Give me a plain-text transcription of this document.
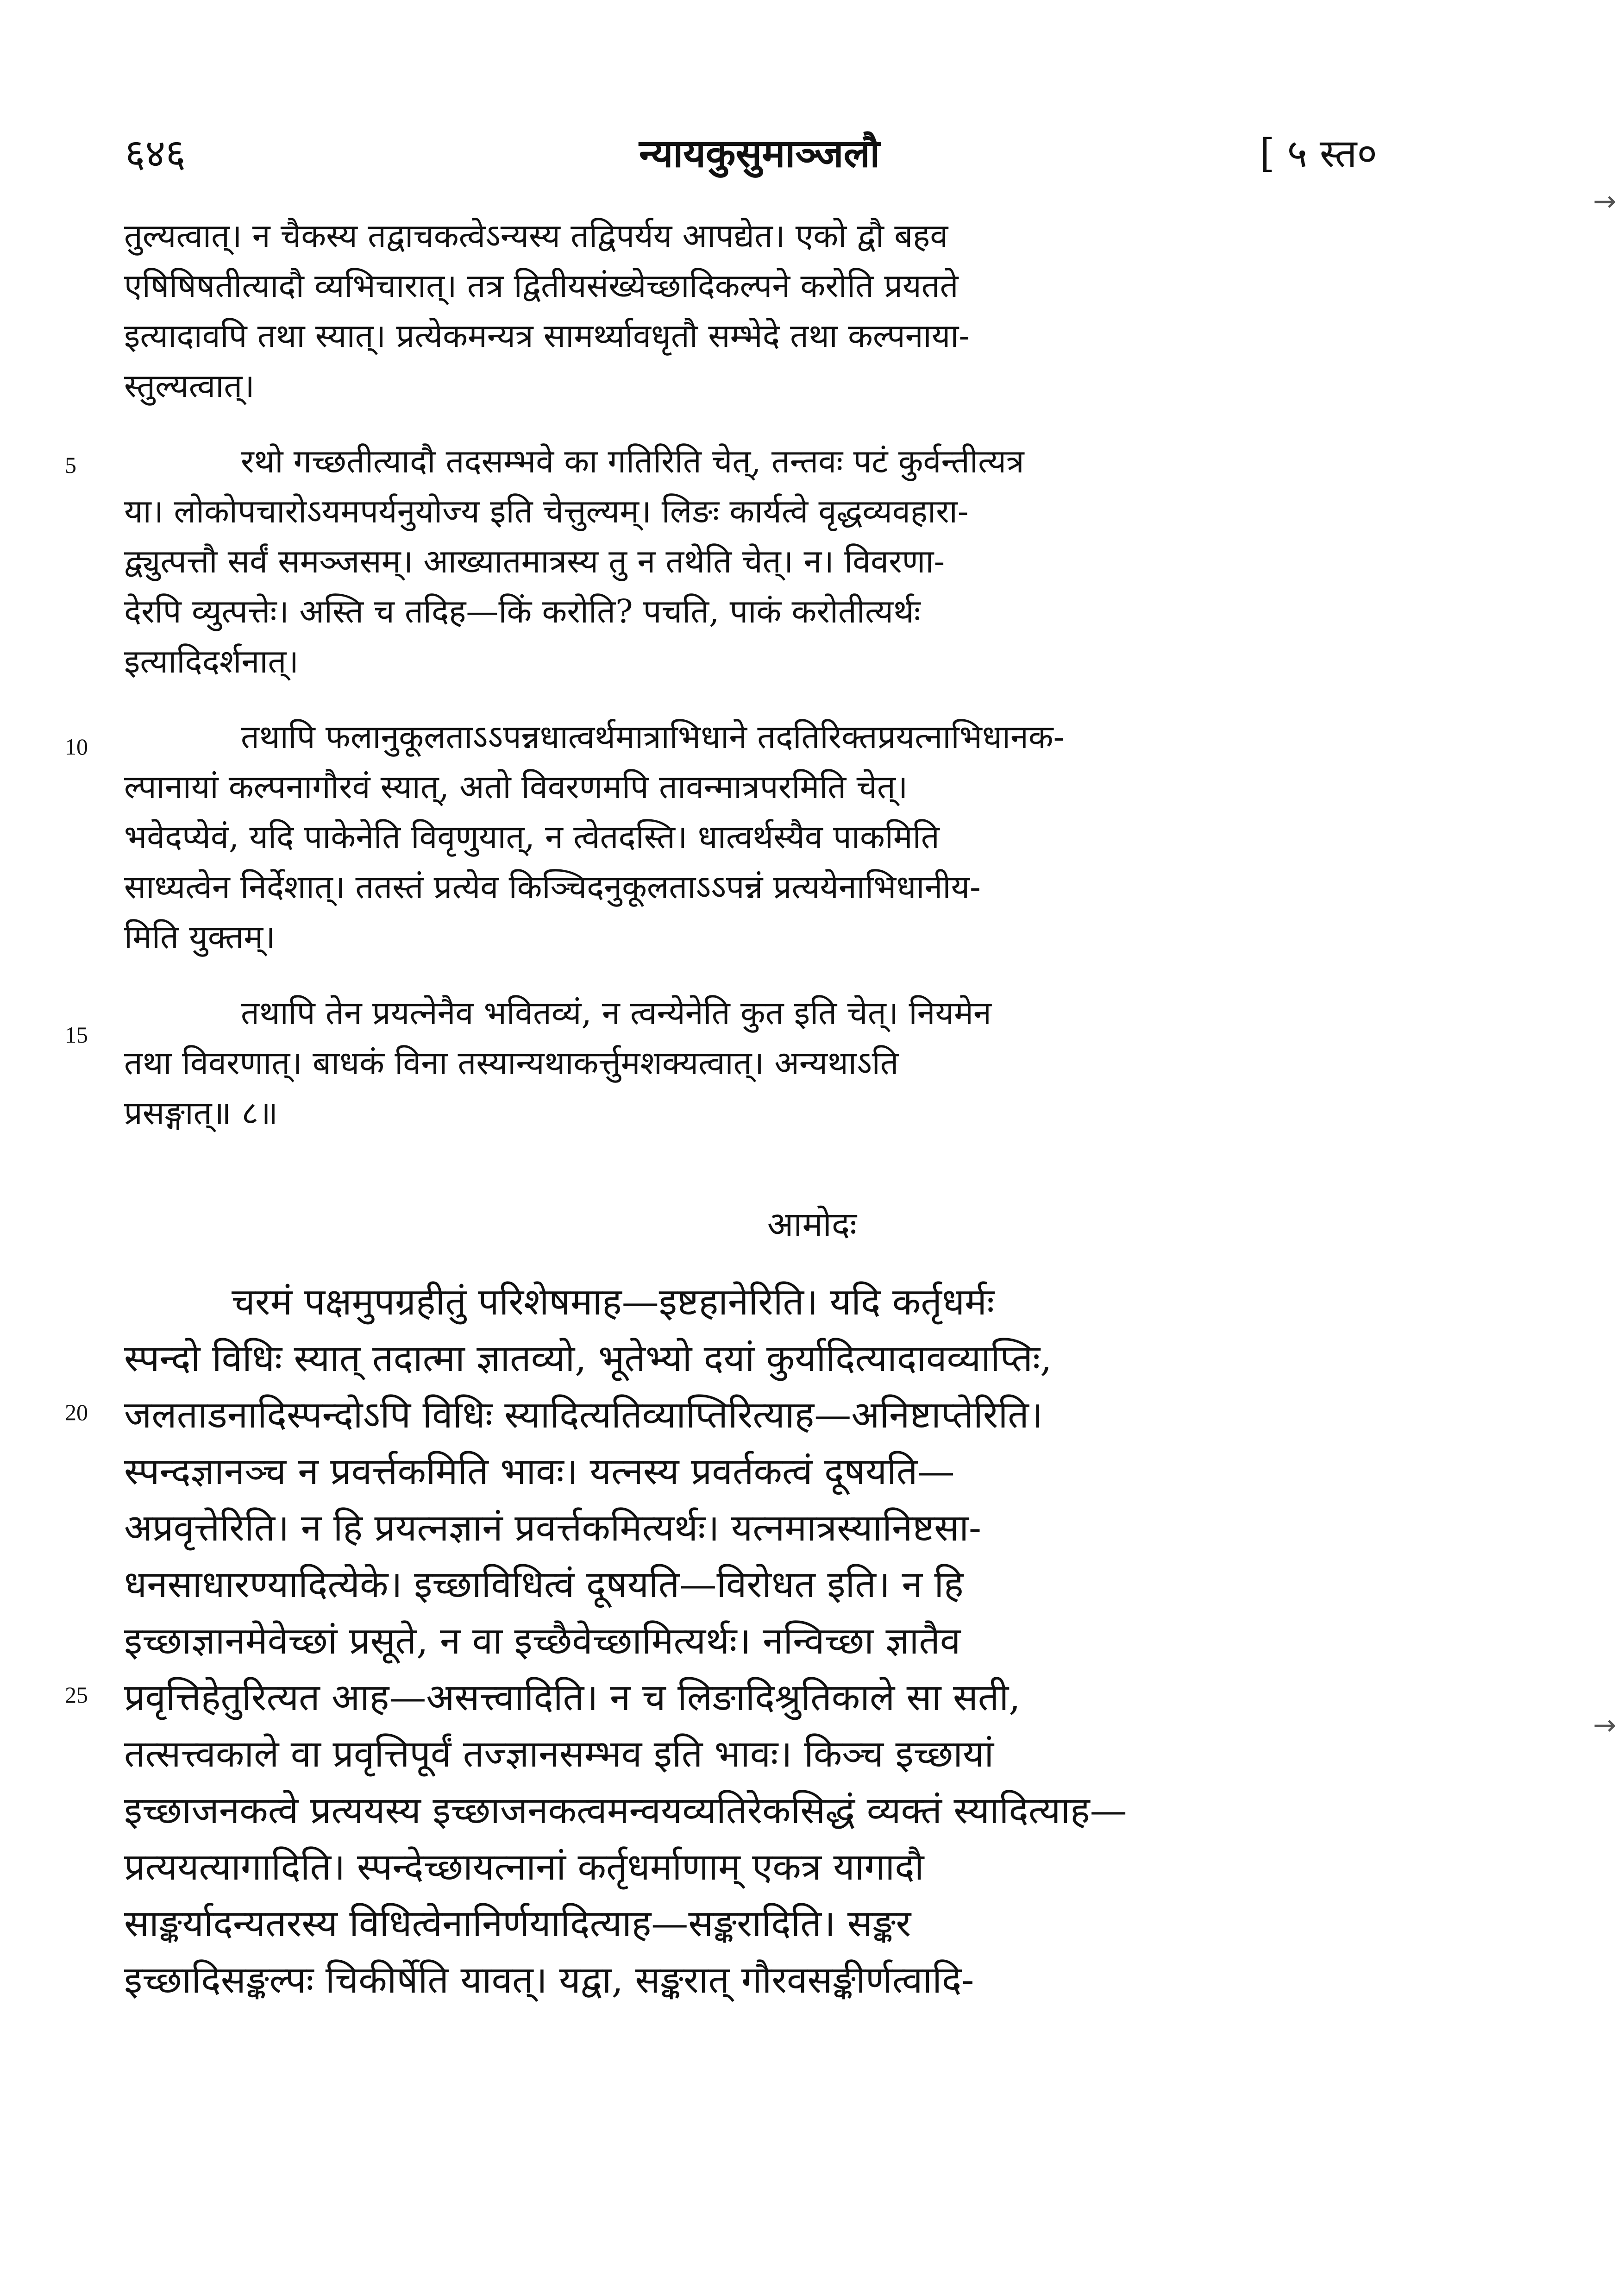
६४६	न्यायकुसुमाञ्जलौ	[ ५ स्त०
तुल्यत्वात्। न चैकस्य तद्वाचकत्वेऽन्यस्य तद्विपर्यय आपद्येत। एको द्वौ बहव
एषिषिषतीत्यादौ व्यभिचारात्। तत्र द्वितीयसंख्येच्छादिकल्पने करोति प्रयतते
इत्यादावपि तथा स्यात्। प्रत्येकमन्यत्र सामर्थ्यावधृतौ सम्भेदे तथा कल्पनाया-
स्तुल्यत्वात्।
रथो गच्छतीत्यादौ तदसम्भवे का गतिरिति चेत्, तन्तवः पटं कुर्वन्तीत्यत्र
या। लोकोपचारोऽयमपर्यनुयोज्य इति चेत्तुल्यम्। लिङः कार्यत्वे वृद्धव्यवहारा-
द्व्युत्पत्तौ सर्वं समञ्जसम्। आख्यातमात्रस्य तु न तथेति चेत्। न। विवरणा-
देरपि व्युत्पत्तेः। अस्ति च तदिह—किं करोति? पचति, पाकं करोतीत्यर्थः
इत्यादिदर्शनात्।
तथापि फलानुकूलताऽऽपन्नधात्वर्थमात्राभिधाने तदतिरिक्तप्रयत्नाभिधानक-
ल्पानायां कल्पनागौरवं स्यात्, अतो विवरणमपि तावन्मात्रपरमिति चेत्।
भवेदप्येवं, यदि पाकेनेति विवृणुयात्, न त्वेतदस्ति। धात्वर्थस्यैव पाकमिति
साध्यत्वेन निर्देशात्। ततस्तं प्रत्येव किञ्चिदनुकूलताऽऽपन्नं प्रत्ययेनाभिधानीय-
मिति युक्तम्।
तथापि तेन प्रयत्नेनैव भवितव्यं, न त्वन्येनेति कुत इति चेत्। नियमेन
तथा विवरणात्। बाधकं विना तस्यान्यथाकर्त्तुमशक्यत्वात्। अन्यथाऽति
प्रसङ्गात्॥ ८॥
आमोदः
चरमं पक्षमुपग्रहीतुं परिशेषमाह—इष्टहानेरिति। यदि कर्तृधर्मः
स्पन्दो विधिः स्यात् तदात्मा ज्ञातव्यो, भूतेभ्यो दयां कुर्यादित्यादावव्याप्तिः,
जलताडनादिस्पन्दोऽपि विधिः स्यादित्यतिव्याप्तिरित्याह—अनिष्टाप्तेरिति।
स्पन्दज्ञानञ्च न प्रवर्त्तकमिति भावः। यत्नस्य प्रवर्तकत्वं दूषयति—
अप्रवृत्तेरिति। न हि प्रयत्नज्ञानं प्रवर्त्तकमित्यर्थः। यत्नमात्रस्यानिष्टसा-
धनसाधारण्यादित्येके। इच्छाविधित्वं दूषयति—विरोधत इति। न हि
इच्छाज्ञानमेवेच्छां प्रसूते, न वा इच्छैवेच्छामित्यर्थः। नन्विच्छा ज्ञातैव
प्रवृत्तिहेतुरित्यत आह—असत्त्वादिति। न च लिङादिश्रुतिकाले सा सती,
तत्सत्त्वकाले वा प्रवृत्तिपूर्वं तज्ज्ञानसम्भव इति भावः। किञ्च इच्छायां
इच्छाजनकत्वे प्रत्ययस्य इच्छाजनकत्वमन्वयव्यतिरेकसिद्धं व्यक्तं स्यादित्याह—
प्रत्ययत्यागादिति। स्पन्देच्छायत्नानां कर्तृधर्माणाम् एकत्र यागादौ
साङ्कर्यादन्यतरस्य विधित्वेनानिर्णयादित्याह—सङ्करादिति। सङ्कर
इच्छादिसङ्कल्पः चिकीर्षेति यावत्। यद्वा, सङ्करात् गौरवसङ्कीर्णत्वादि-
5
10
15
20
25
→
→
